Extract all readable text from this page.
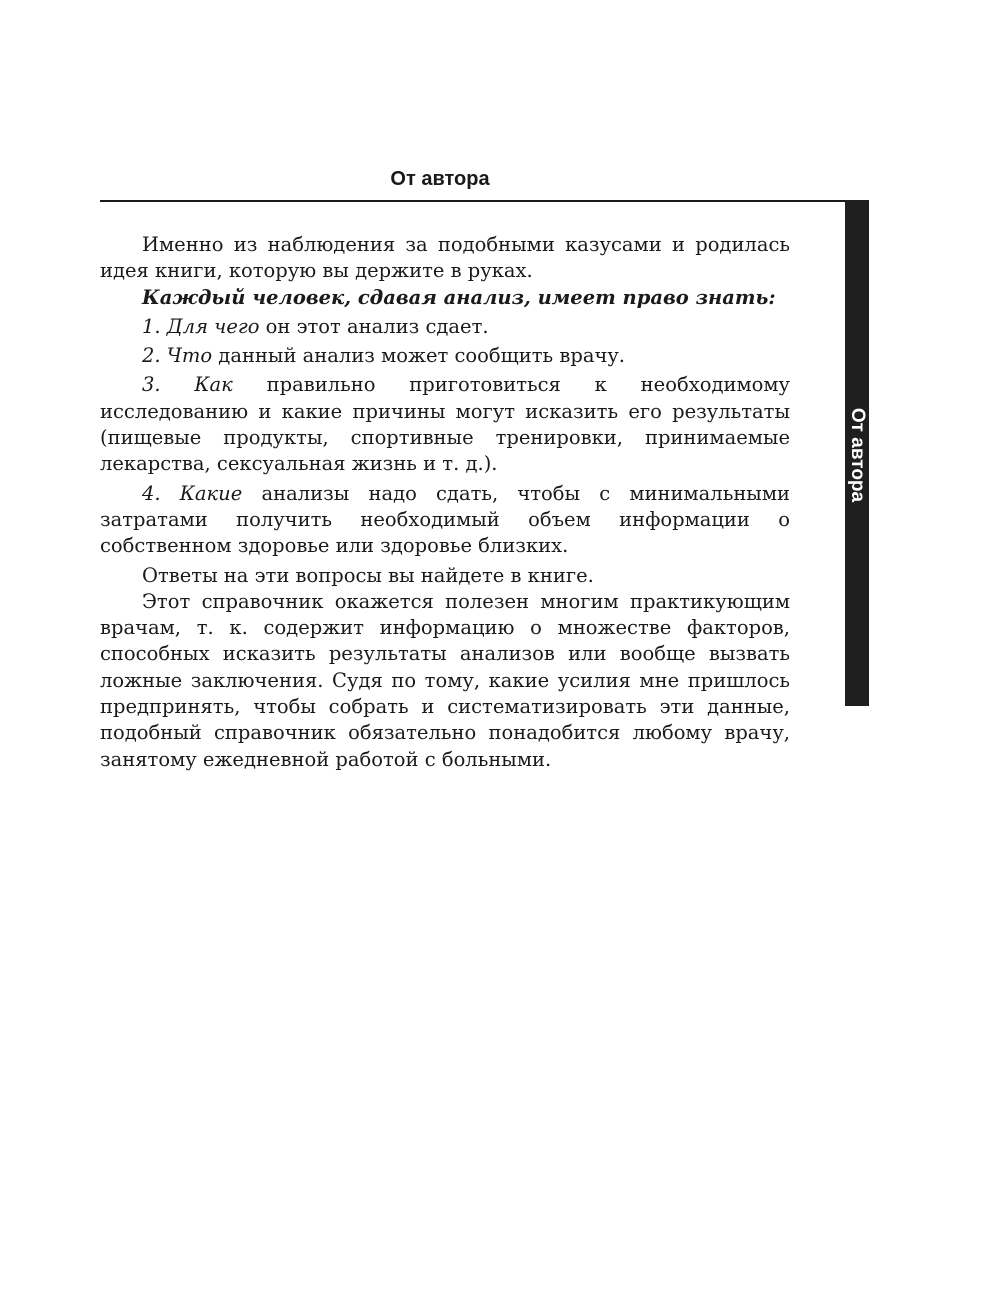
От автора
От автора

Именно из наблюдения за подобными казусами и родилась идея книги, которую вы держите в руках.

Каждый человек, сдавая анализ, имеет право знать:

1. Для чего он этот анализ сдает.

2. Что данный анализ может сообщить врачу.

3. Как правильно приготовиться к необходимому исследованию и какие причины могут исказить его результаты (пищевые продукты, спортивные тренировки, принимаемые лекарства, сексуальная жизнь и т. д.).

4. Какие анализы надо сдать, чтобы с минимальными затратами получить необходимый объем информации о собственном здоровье или здоровье близких.

Ответы на эти вопросы вы найдете в книге.

Этот справочник окажется полезен многим практикующим врачам, т. к. содержит информацию о множестве факторов, способных исказить результаты анализов или вообще вызвать ложные заключения. Судя по тому, какие усилия мне пришлось предпринять, чтобы собрать и систематизировать эти данные, подобный справочник обязательно понадобится любому врачу, занятому ежедневной работой с больными.
